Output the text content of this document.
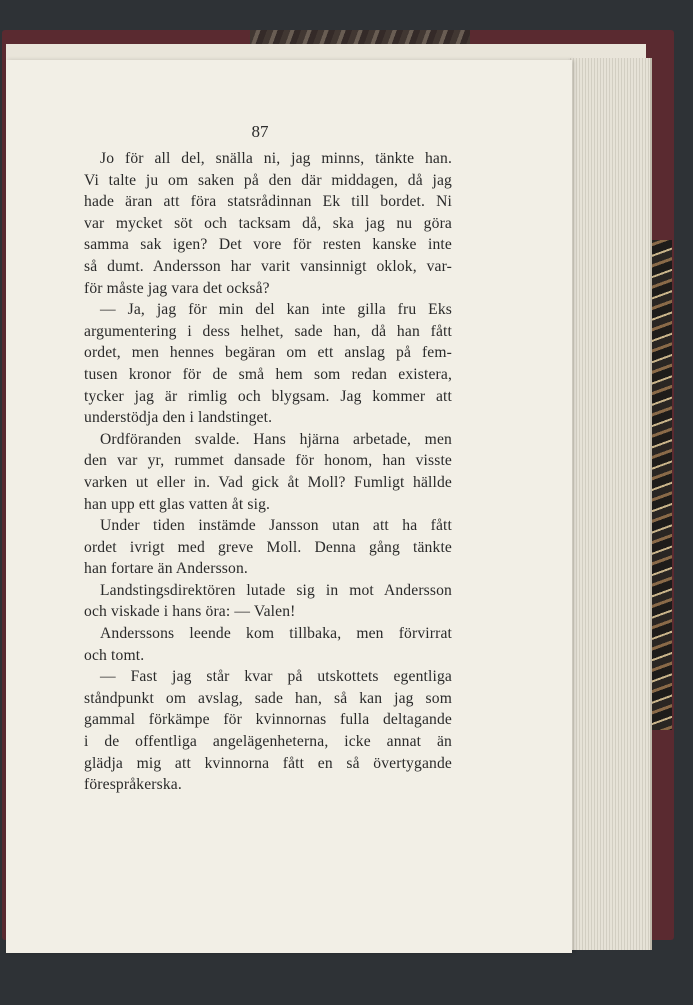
87

Jo för all del, snälla ni, jag minns, tänkte han.
Vi talte ju om saken på den där middagen, då jag
hade äran att föra statsrådinnan Ek till bordet. Ni
var mycket söt och tacksam då, ska jag nu göra
samma sak igen? Det vore för resten kanske inte
så dumt. Andersson har varit vansinnigt oklok, var-
för måste jag vara det också?

— Ja, jag för min del kan inte gilla fru Eks
argumentering i dess helhet, sade han, då han fått
ordet, men hennes begäran om ett anslag på fem-
tusen kronor för de små hem som redan existera,
tycker jag är rimlig och blygsam. Jag kommer att
understödja den i landstinget.

Ordföranden svalde. Hans hjärna arbetade, men
den var yr, rummet dansade för honom, han visste
varken ut eller in. Vad gick åt Moll? Fumligt hällde
han upp ett glas vatten åt sig.

Under tiden instämde Jansson utan att ha fått
ordet ivrigt med greve Moll. Denna gång tänkte
han fortare än Andersson.

Landstingsdirektören lutade sig in mot Andersson
och viskade i hans öra: — Valen!

Anderssons leende kom tillbaka, men förvirrat
och tomt.

— Fast jag står kvar på utskottets egentliga
ståndpunkt om avslag, sade han, så kan jag som
gammal förkämpe för kvinnornas fulla deltagande
i de offentliga angelägenheterna, icke annat än
glädja mig att kvinnorna fått en så övertygande
förespråkerska.
